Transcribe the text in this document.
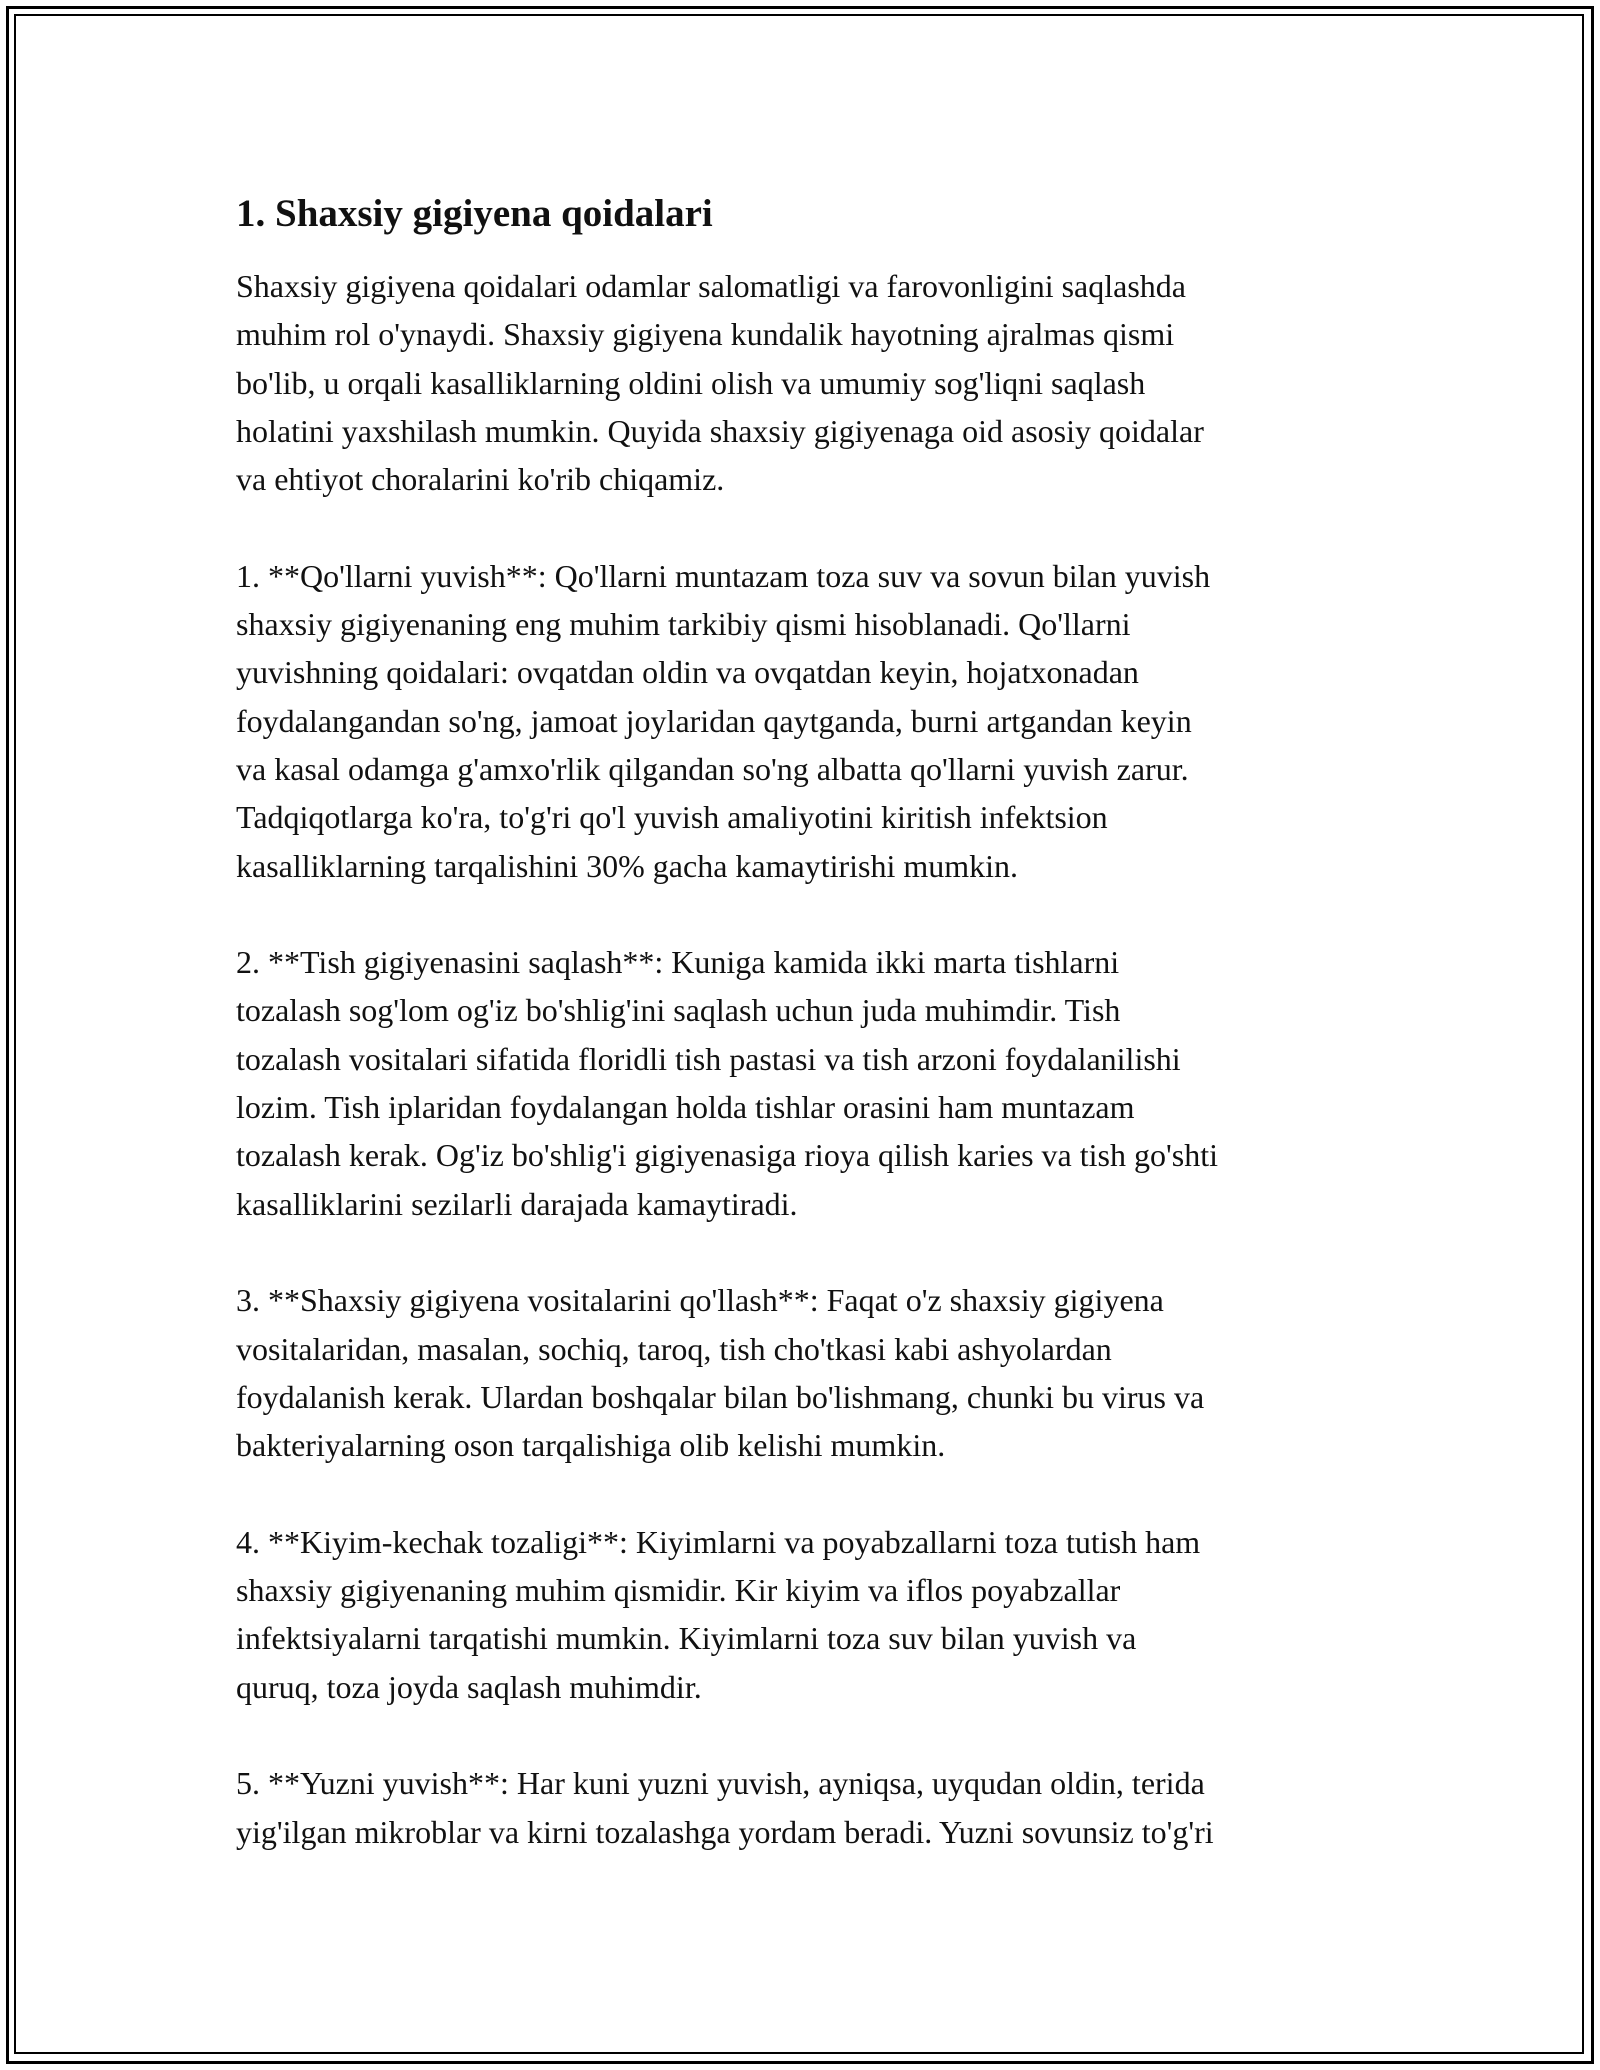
1. Shaxsiy gigiyena qoidalari
Shaxsiy gigiyena qoidalari odamlar salomatligi va farovonligini saqlashda
muhim rol o'ynaydi. Shaxsiy gigiyena kundalik hayotning ajralmas qismi
bo'lib, u orqali kasalliklarning oldini olish va umumiy sog'liqni saqlash
holatini yaxshilash mumkin. Quyida shaxsiy gigiyenaga oid asosiy qoidalar
va ehtiyot choralarini ko'rib chiqamiz.
1. **Qo'llarni yuvish**: Qo'llarni muntazam toza suv va sovun bilan yuvish
shaxsiy gigiyenaning eng muhim tarkibiy qismi hisoblanadi. Qo'llarni
yuvishning qoidalari: ovqatdan oldin va ovqatdan keyin, hojatxonadan
foydalangandan so'ng, jamoat joylaridan qaytganda, burni artgandan keyin
va kasal odamga g'amxo'rlik qilgandan so'ng albatta qo'llarni yuvish zarur.
Tadqiqotlarga ko'ra, to'g'ri qo'l yuvish amaliyotini kiritish infektsion
kasalliklarning tarqalishini 30% gacha kamaytirishi mumkin.
2. **Tish gigiyenasini saqlash**: Kuniga kamida ikki marta tishlarni
tozalash sog'lom og'iz bo'shlig'ini saqlash uchun juda muhimdir. Tish
tozalash vositalari sifatida floridli tish pastasi va tish arzoni foydalanilishi
lozim. Tish iplaridan foydalangan holda tishlar orasini ham muntazam
tozalash kerak. Og'iz bo'shlig'i gigiyenasiga rioya qilish karies va tish go'shti
kasalliklarini sezilarli darajada kamaytiradi.
3. **Shaxsiy gigiyena vositalarini qo'llash**: Faqat o'z shaxsiy gigiyena
vositalaridan, masalan, sochiq, taroq, tish cho'tkasi kabi ashyolardan
foydalanish kerak. Ulardan boshqalar bilan bo'lishmang, chunki bu virus va
bakteriyalarning oson tarqalishiga olib kelishi mumkin.
4. **Kiyim-kechak tozaligi**: Kiyimlarni va poyabzallarni toza tutish ham
shaxsiy gigiyenaning muhim qismidir. Kir kiyim va iflos poyabzallar
infektsiyalarni tarqatishi mumkin. Kiyimlarni toza suv bilan yuvish va
quruq, toza joyda saqlash muhimdir.
5. **Yuzni yuvish**: Har kuni yuzni yuvish, ayniqsa, uyqudan oldin, terida
yig'ilgan mikroblar va kirni tozalashga yordam beradi. Yuzni sovunsiz to'g'ri
